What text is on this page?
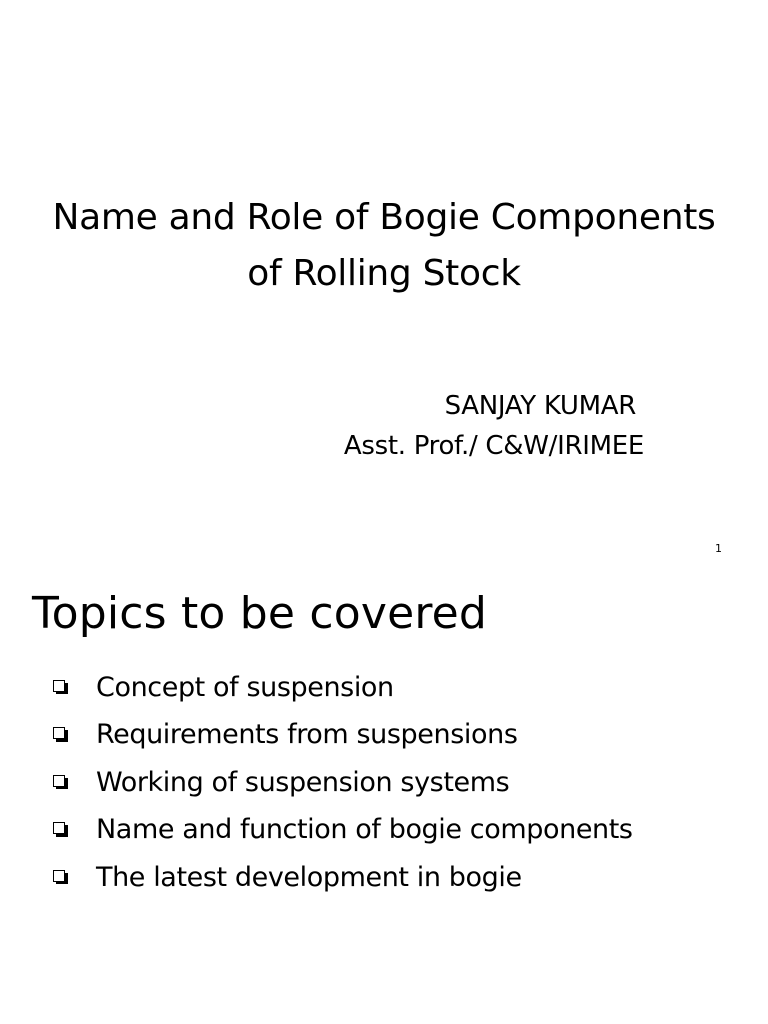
Name and Role of Bogie Components
of Rolling Stock
SANJAY KUMAR
Asst. Prof./ C&W/IRIMEE
1
Topics to be covered
Concept of suspension
Requirements from suspensions
Working of suspension systems
Name and function of bogie components
The latest development in bogie
